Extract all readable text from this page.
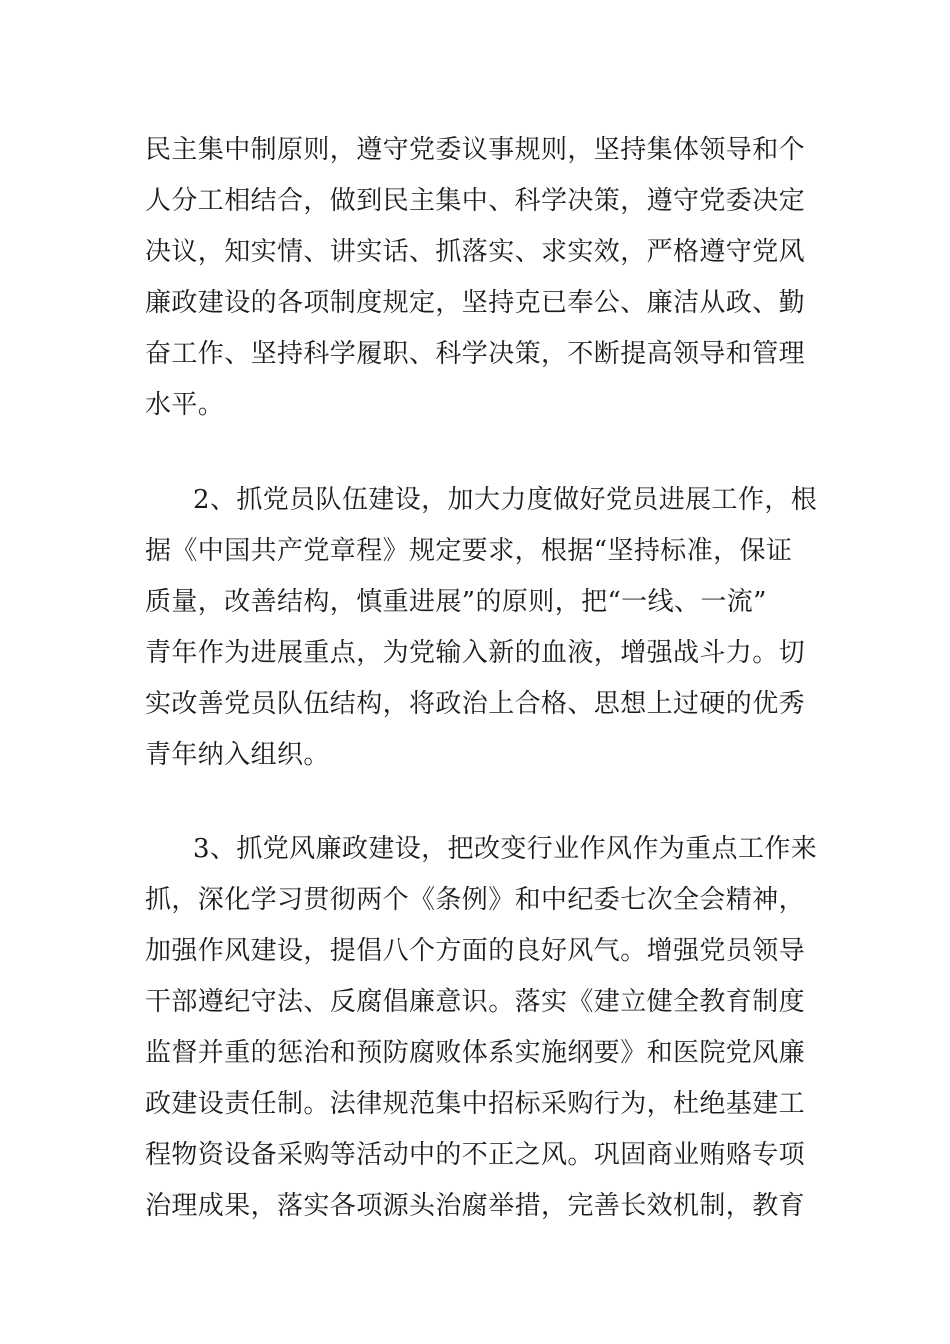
民主集中制原则，遵守党委议事规则，坚持集体领导和个
人分工相结合，做到民主集中、科学决策，遵守党委决定
决议，知实情、讲实话、抓落实、求实效，严格遵守党风
廉政建设的各项制度规定，坚持克已奉公、廉洁从政、勤
奋工作、坚持科学履职、科学决策，不断提高领导和管理
水平。
2、抓党员队伍建设，加大力度做好党员进展工作，根
据《中国共产党章程》规定要求，根据“坚持标准，保证
质量，改善结构，慎重进展”的原则，把“一线、一流”
青年作为进展重点，为党输入新的血液，增强战斗力。切
实改善党员队伍结构，将政治上合格、思想上过硬的优秀
青年纳入组织。
3、抓党风廉政建设，把改变行业作风作为重点工作来
抓，深化学习贯彻两个《条例》和中纪委七次全会精神，
加强作风建设，提倡八个方面的良好风气。增强党员领导
干部遵纪守法、反腐倡廉意识。落实《建立健全教育制度
监督并重的惩治和预防腐败体系实施纲要》和医院党风廉
政建设责任制。法律规范集中招标采购行为，杜绝基建工
程物资设备采购等活动中的不正之风。巩固商业贿赂专项
治理成果，落实各项源头治腐举措，完善长效机制，教育
